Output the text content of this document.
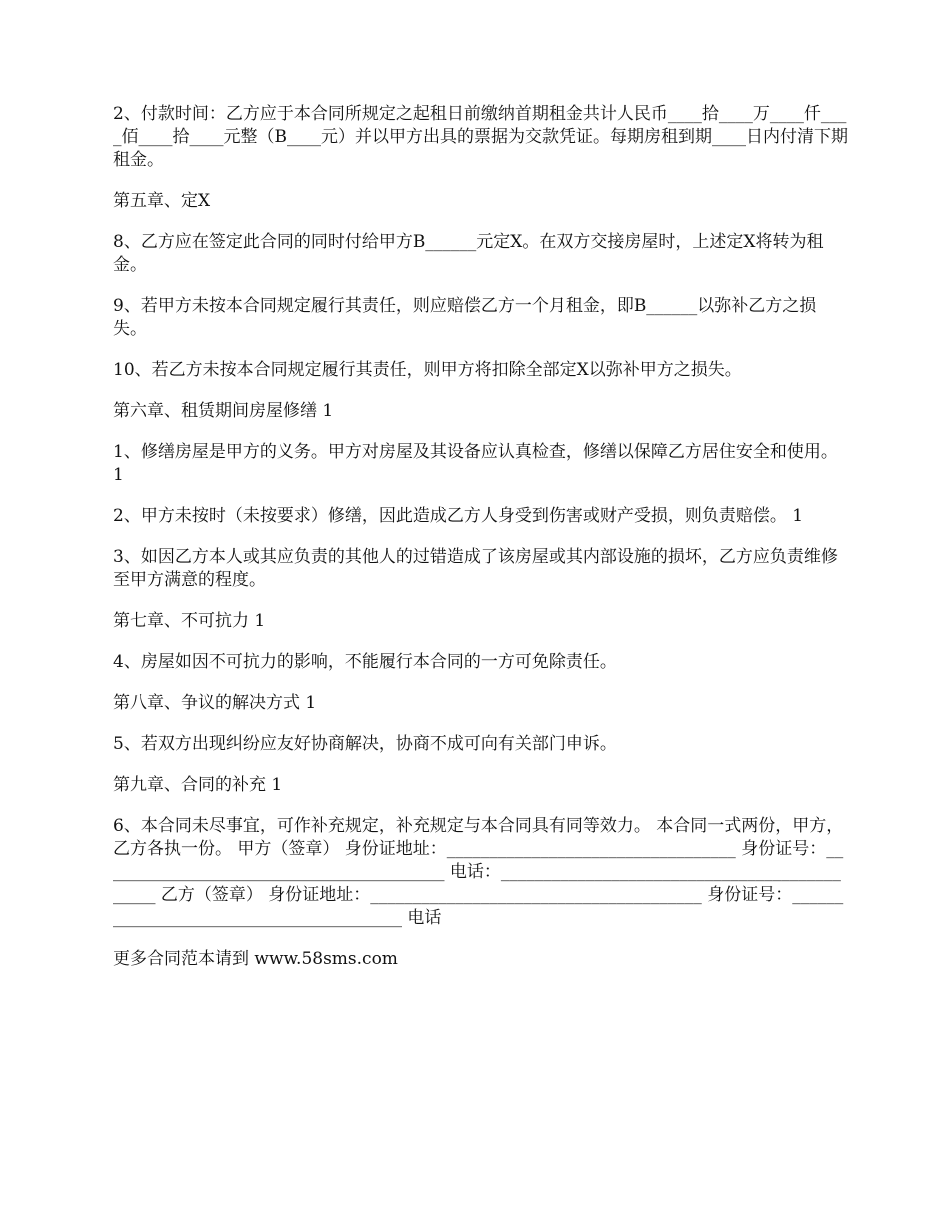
2、付款时间：乙方应于本合同所规定之起租日前缴纳首期租金共计人民币____拾____万____仟____佰____拾____元整（B____元）并以甲方出具的票据为交款凭证。每期房租到期____日内付清下期租金。

第五章、定X

8、乙方应在签定此合同的同时付给甲方B______元定X。在双方交接房屋时，上述定X将转为租金。

9、若甲方未按本合同规定履行其责任，则应赔偿乙方一个月租金，即B______以弥补乙方之损失。

10、若乙方未按本合同规定履行其责任，则甲方将扣除全部定X以弥补甲方之损失。

第六章、租赁期间房屋修缮 1

1、修缮房屋是甲方的义务。甲方对房屋及其设备应认真检查，修缮以保障乙方居住安全和使用。 1

2、甲方未按时（未按要求）修缮，因此造成乙方人身受到伤害或财产受损，则负责赔偿。 1

3、如因乙方本人或其应负责的其他人的过错造成了该房屋或其内部设施的损坏，乙方应负责维修至甲方满意的程度。

第七章、不可抗力 1

4、房屋如因不可抗力的影响，不能履行本合同的一方可免除责任。

第八章、争议的解决方式 1

5、若双方出现纠纷应友好协商解决，协商不成可向有关部门申诉。

第九章、合同的补充 1

6、本合同未尽事宜，可作补充规定，补充规定与本合同具有同等效力。 本合同一式两份，甲方，乙方各执一份。 甲方（签章） 身份证地址：__________________________________ 身份证号：_________________________________________ 电话：_____________________________________________ 乙方（签章） 身份证地址：_______________________________________ 身份证号：________________________________________ 电话

更多合同范本请到 www.58sms.com
